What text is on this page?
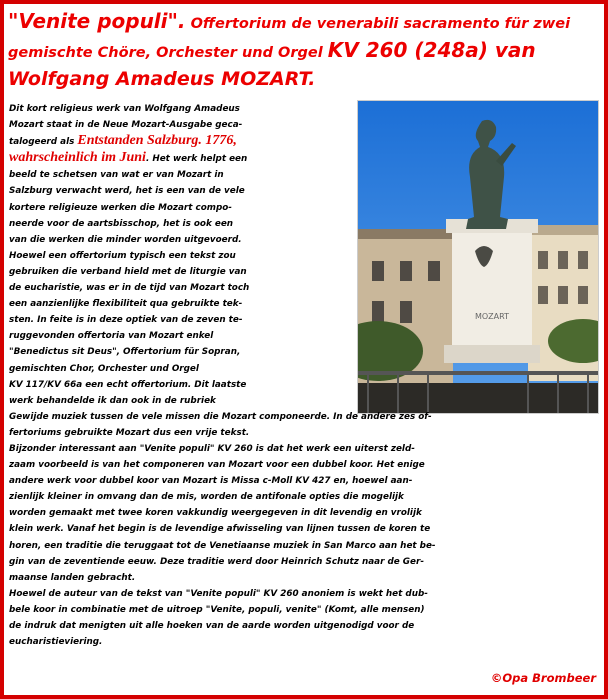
"Venite populi". Offertorium de venerabili sacramento für zwei gemischte Chöre, Orchester und Orgel KV 260 (248a) van
Wolfgang Amadeus MOZART.
MOZART
Dit kort religieus werk van Wolfgang Amadeus
Mozart staat in de Neue Mozart-Ausgabe geca-
talogeerd als Entstanden Salzburg. 1776,
wahrscheinlich im Juni. Het werk helpt een
beeld te schetsen van wat er van Mozart in
Salzburg verwacht werd, het is een van de vele
kortere religieuze werken die Mozart compo-
neerde voor de aartsbisschop, het is ook een
van die werken die minder worden uitgevoerd.
Hoewel een offertorium typisch een tekst zou
gebruiken die verband hield met de liturgie van
de eucharistie, was er in de tijd van Mozart toch
een aanzienlijke flexibiliteit qua gebruikte tek-
sten. In feite is in deze optiek van de zeven te-
ruggevonden offertoria van Mozart enkel
"Benedictus sit Deus", Offertorium für Sopran,
gemischten Chor, Orchester und Orgel
KV 117/KV 66a een echt offertorium. Dit laatste
werk behandelde ik dan ook in de rubriek
Gewijde muziek tussen de vele missen die Mozart componeerde. In de andere zes of-
fertoriums gebruikte Mozart dus een vrije tekst.
Bijzonder interessant aan "Venite populi" KV 260 is dat het werk een uiterst zeld-
zaam voorbeeld is van het componeren van Mozart voor een dubbel koor. Het enige
andere werk voor dubbel koor van Mozart is Missa c-Moll KV 427 en, hoewel aan-
zienlijk kleiner in omvang dan de mis, worden de antifonale opties die mogelijk
worden gemaakt met twee koren vakkundig weergegeven in dit levendig en vrolijk
klein werk. Vanaf het begin is de levendige afwisseling van lijnen tussen de koren te
horen, een traditie die teruggaat tot de Venetiaanse muziek in San Marco aan het be-
gin van de zeventiende eeuw. Deze traditie werd door Heinrich Schutz naar de Ger-
maanse landen gebracht.
Hoewel de auteur van de tekst van "Venite populi" KV 260 anoniem is wekt het dub-
bele koor in combinatie met de uitroep "Venite, populi, venite" (Komt, alle mensen)
de indruk dat menigten uit alle hoeken van de aarde worden uitgenodigd voor de
eucharistieviering.
©Opa Brombeer
